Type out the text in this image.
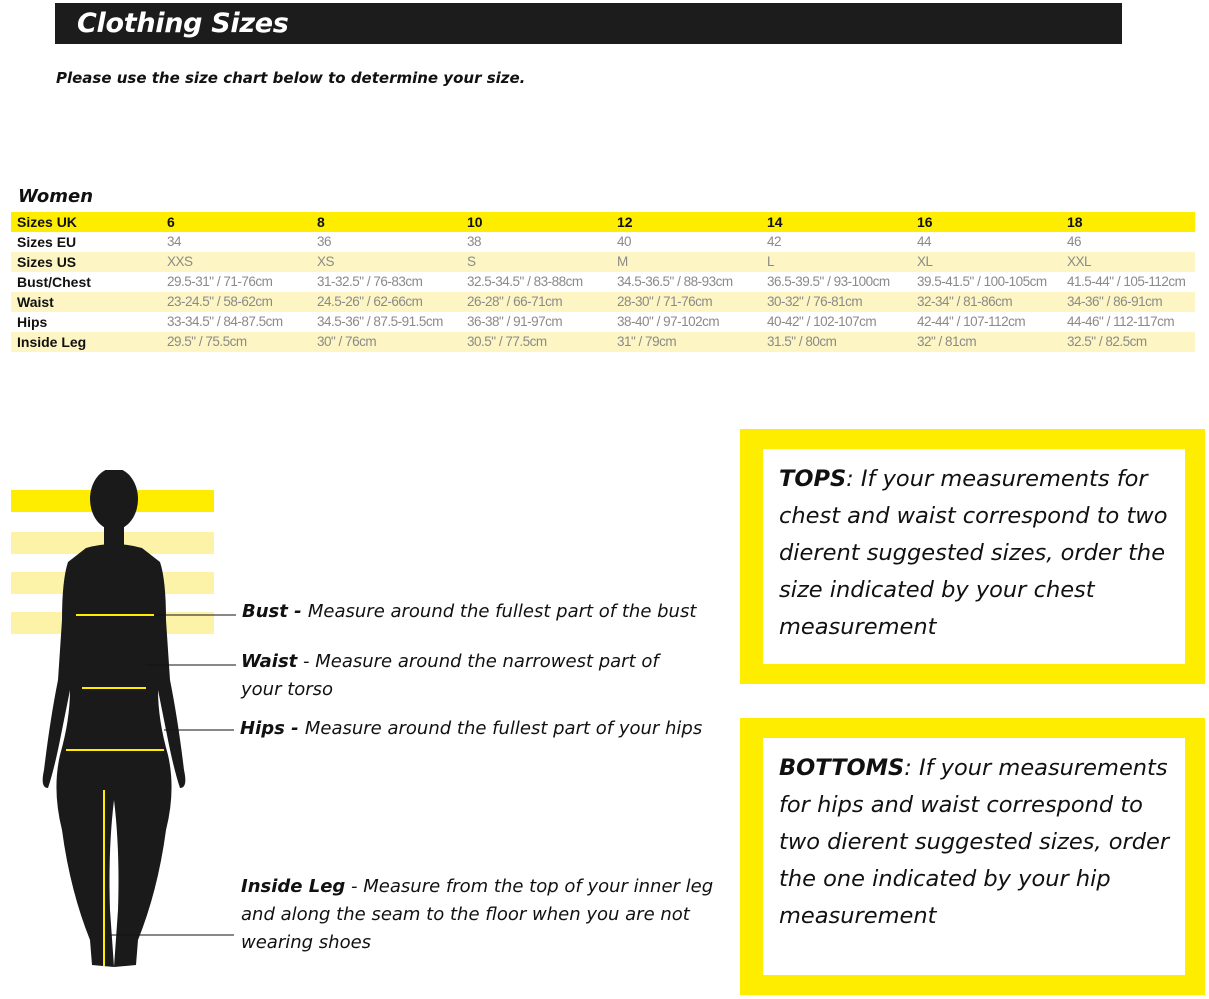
Clothing Sizes
Please use the size chart below to determine your size.
Women
Sizes UK	6	8	10	12	14	16	18
Sizes EU	34	36	38	40	42	44	46
Sizes US	XXS	XS	S	M	L	XL	XXL
Bust/Chest	29.5-31" / 71-76cm	31-32.5" / 76-83cm	32.5-34.5" / 83-88cm	34.5-36.5" / 88-93cm	36.5-39.5" / 93-100cm	39.5-41.5" / 100-105cm	41.5-44" / 105-112cm
Waist	23-24.5" / 58-62cm	24.5-26" / 62-66cm	26-28" / 66-71cm	28-30" / 71-76cm	30-32" / 76-81cm	32-34" / 81-86cm	34-36" / 86-91cm
Hips	33-34.5" / 84-87.5cm	34.5-36" / 87.5-91.5cm	36-38" / 91-97cm	38-40" / 97-102cm	40-42" / 102-107cm	42-44" / 107-112cm	44-46" / 112-117cm
Inside Leg	29.5" / 75.5cm	30" / 76cm	30.5" / 77.5cm	31" / 79cm	31.5" / 80cm	32" / 81cm	32.5" / 82.5cm
Bust - Measure around the fullest part of the bust
Waist - Measure around the narrowest part of your torso
Hips - Measure around the fullest part of your hips
Inside Leg - Measure from the top of your inner leg and along the seam to the floor when you are not wearing shoes
TOPS: If your measurements for chest and waist correspond to two dierent suggested sizes, order the size indicated by your chest measurement
BOTTOMS: If your measurements for hips and waist correspond to two dierent suggested sizes, order the one indicated by your hip measurement
